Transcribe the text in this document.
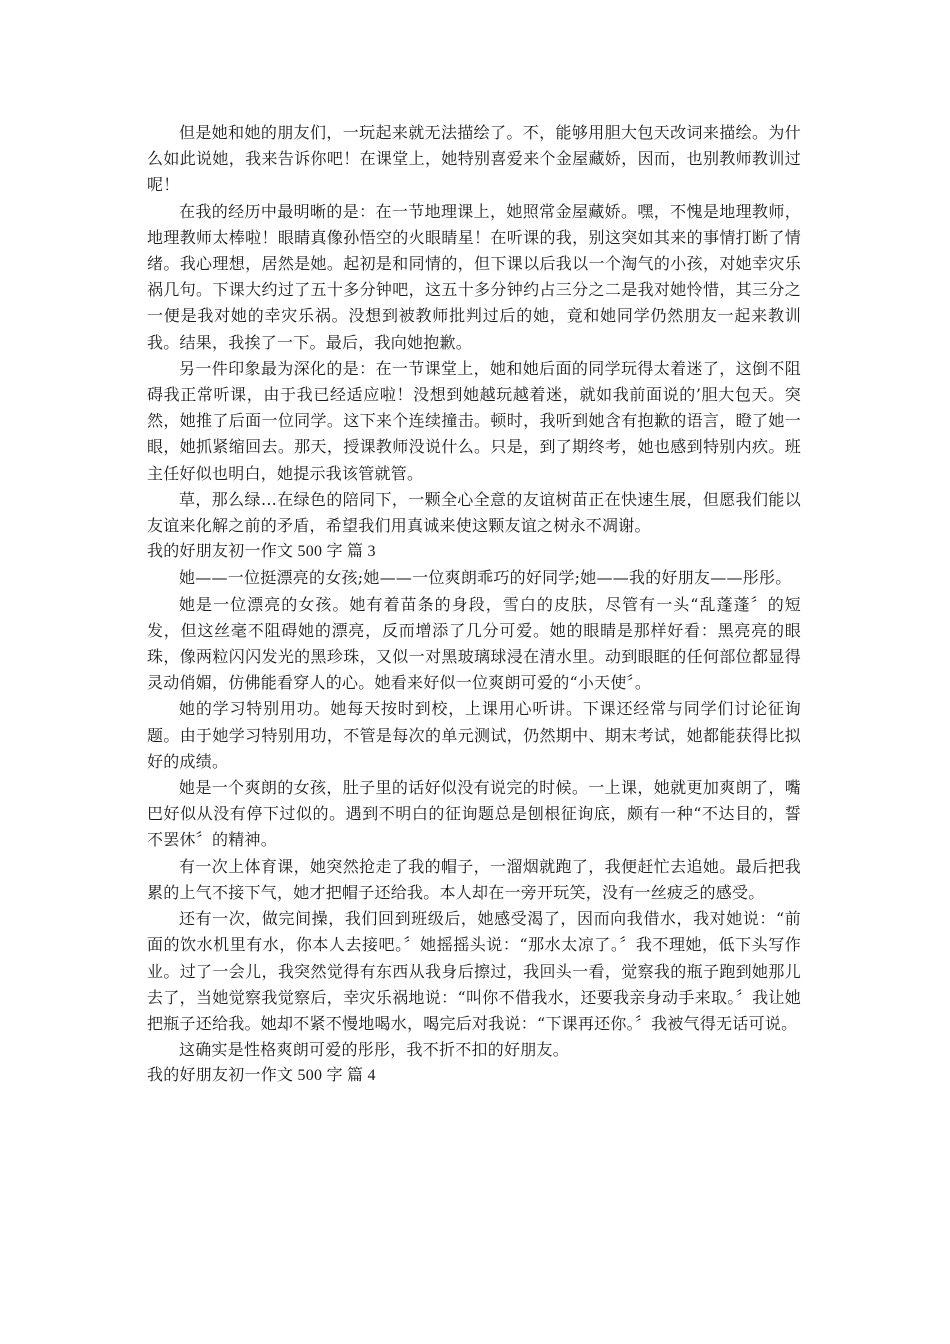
但是她和她的朋友们，一玩起来就无法描绘了。不，能够用胆大包天改词来描绘。为什么如此说她，我来告诉你吧！在课堂上，她特别喜爱来个金屋藏娇，因而，也别教师教训过呢！

在我的经历中最明晰的是：在一节地理课上，她照常金屋藏娇。嘿，不愧是地理教师，地理教师太棒啦！眼睛真像孙悟空的火眼睛星！在听课的我，别这突如其来的事情打断了情绪。我心理想，居然是她。起初是和同情的，但下课以后我以一个淘气的小孩，对她幸灾乐祸几句。下课大约过了五十多分钟吧，这五十多分钟约占三分之二是我对她怜惜，其三分之一便是我对她的幸灾乐祸。没想到被教师批判过后的她，竟和她同学仍然朋友一起来教训我。结果，我挨了一下。最后，我向她抱歉。

另一件印象最为深化的是：在一节课堂上，她和她后面的同学玩得太着迷了，这倒不阻碍我正常听课，由于我已经适应啦！没想到她越玩越着迷，就如我前面说的’胆大包天。突然，她推了后面一位同学。这下来个连续撞击。顿时，我听到她含有抱歉的语言，瞪了她一眼，她抓紧缩回去。那天，授课教师没说什么。只是，到了期终考，她也感到特别内疚。班主任好似也明白，她提示我该管就管。

草，那么绿…在绿色的陪同下，一颗全心全意的友谊树苗正在快速生展，但愿我们能以友谊来化解之前的矛盾，希望我们用真诚来使这颗友谊之树永不凋谢。

我的好朋友初一作文 500 字 篇 3

她——一位挺漂亮的女孩;她——一位爽朗乖巧的好同学;她——我的好朋友——彤彤。

她是一位漂亮的女孩。她有着苗条的身段，雪白的皮肤，尽管有一头“乱蓬蓬〞的短发，但这丝毫不阻碍她的漂亮，反而增添了几分可爱。她的眼睛是那样好看：黑亮亮的眼珠，像两粒闪闪发光的黑珍珠，又似一对黑玻璃球浸在清水里。动到眼眶的任何部位都显得灵动俏媚，仿佛能看穿人的心。她看来好似一位爽朗可爱的“小天使〞。

她的学习特别用功。她每天按时到校，上课用心听讲。下课还经常与同学们讨论征询题。由于她学习特别用功，不管是每次的单元测试，仍然期中、期末考试，她都能获得比拟好的成绩。

她是一个爽朗的女孩，肚子里的话好似没有说完的时候。一上课，她就更加爽朗了，嘴巴好似从没有停下过似的。遇到不明白的征询题总是刨根征询底，颇有一种“不达目的，誓不罢休〞的精神。

有一次上体育课，她突然抢走了我的帽子，一溜烟就跑了，我便赶忙去追她。最后把我累的上气不接下气，她才把帽子还给我。本人却在一旁开玩笑，没有一丝疲乏的感受。

还有一次，做完间操，我们回到班级后，她感受渴了，因而向我借水，我对她说：“前面的饮水机里有水，你本人去接吧。〞她摇摇头说：“那水太凉了。〞我不理她，低下头写作业。过了一会儿，我突然觉得有东西从我身后擦过，我回头一看，觉察我的瓶子跑到她那儿去了，当她觉察我觉察后，幸灾乐祸地说：“叫你不借我水，还要我亲身动手来取。〞我让她把瓶子还给我。她却不紧不慢地喝水，喝完后对我说：“下课再还你。〞我被气得无话可说。

这确实是性格爽朗可爱的彤彤，我不折不扣的好朋友。

我的好朋友初一作文 500 字 篇 4
